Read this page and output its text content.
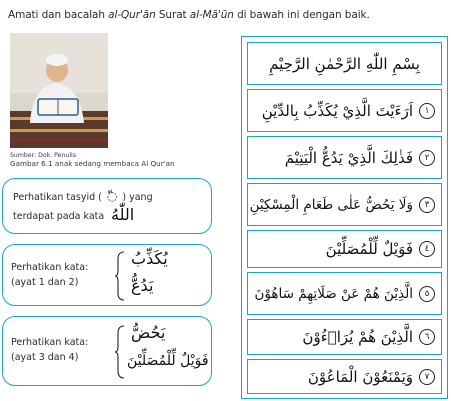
Amati dan bacalah al-Qur'ān Surat al-Mā'ūn di bawah ini dengan baik.
Sumber: Dok. Penulis
Gambar 6.1 anak sedang membaca Al Qur'an
Perhatikan tasyid ( ◌ ) yang
terdapat pada kata اللّٰهُ
Perhatikan kata:
(ayat 1 dan 2)
يُكَذِّبُ
يَدُعُّ
Perhatikan kata:
(ayat 3 dan 4)
يَحُضُّ
فَوَيْلٌ لِّلْمُصَلِّيْنَ
بِسْمِ اللّٰهِ الرَّحْمٰنِ الرَّحِيْمِ
اَرَءَيْتَ الَّذِيْ يُكَذِّبُ بِالدِّيْنِ	١
فَذٰلِكَ الَّذِيْ يَدُعُّ الْيَتِيْمَ	٢
وَلَا يَحُضُّ عَلٰى طَعَامِ الْمِسْكِيْنِ	٣
فَوَيْلٌ لِّلْمُصَلِّيْنَ	٤
الَّذِيْنَ هُمْ عَنْ صَلَاتِهِمْ سَاهُوْنَ	٥
الَّذِيْنَ هُمْ يُرَاۤءُوْنَ	٦
وَيَمْنَعُوْنَ الْمَاعُوْنَ	٧
